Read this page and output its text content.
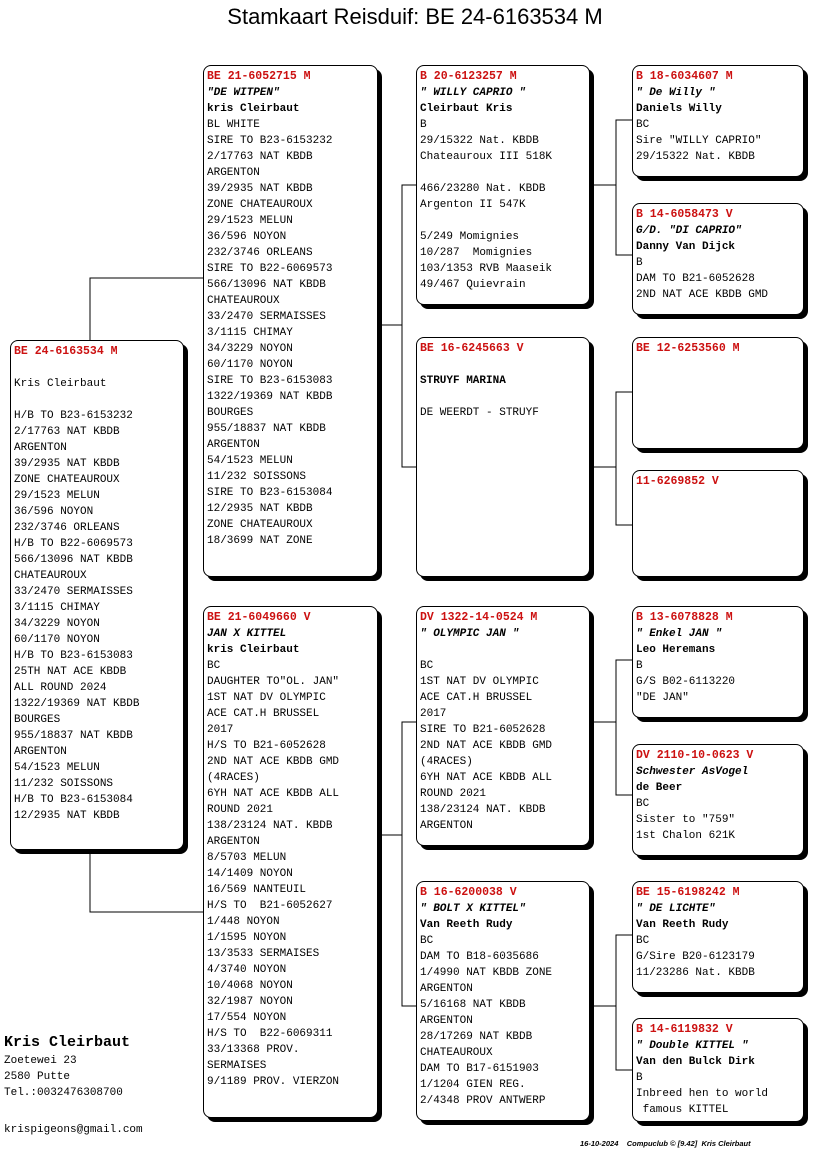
Stamkaart Reisduif: BE 24-6163534 M
BE 24-6163534 M

Kris Cleirbaut

H/B TO B23-6153232
2/17763 NAT KBDB
ARGENTON
39/2935 NAT KBDB
ZONE CHATEAUROUX
29/1523 MELUN
36/596 NOYON
232/3746 ORLEANS
H/B TO B22-6069573
566/13096 NAT KBDB
CHATEAUROUX
33/2470 SERMAISSES
3/1115 CHIMAY
34/3229 NOYON
60/1170 NOYON
H/B TO B23-6153083
25TH NAT ACE KBDB
ALL ROUND 2024
1322/19369 NAT KBDB
BOURGES
955/18837 NAT KBDB
ARGENTON
54/1523 MELUN
11/232 SOISSONS
H/B TO B23-6153084
12/2935 NAT KBDB
BE 21-6052715 M
"DE WITPEN"
kris Cleirbaut
BL WHITE
SIRE TO B23-6153232
2/17763 NAT KBDB
ARGENTON
39/2935 NAT KBDB
ZONE CHATEAUROUX
29/1523 MELUN
36/596 NOYON
232/3746 ORLEANS
SIRE TO B22-6069573
566/13096 NAT KBDB
CHATEAUROUX
33/2470 SERMAISSES
3/1115 CHIMAY
34/3229 NOYON
60/1170 NOYON
SIRE TO B23-6153083
1322/19369 NAT KBDB
BOURGES
955/18837 NAT KBDB
ARGENTON
54/1523 MELUN
11/232 SOISSONS
SIRE TO B23-6153084
12/2935 NAT KBDB
ZONE CHATEAUROUX
18/3699 NAT ZONE
BE 21-6049660 V
JAN X KITTEL
kris Cleirbaut
BC
DAUGHTER TO"OL. JAN"
1ST NAT DV OLYMPIC
ACE CAT.H BRUSSEL
2017
H/S TO B21-6052628
2ND NAT ACE KBDB GMD
(4RACES)
6YH NAT ACE KBDB ALL
ROUND 2021
138/23124 NAT. KBDB
ARGENTON
8/5703 MELUN
14/1409 NOYON
16/569 NANTEUIL
H/S TO  B21-6052627
1/448 NOYON
1/1595 NOYON
13/3533 SERMAISES
4/3740 NOYON
10/4068 NOYON
32/1987 NOYON
17/554 NOYON
H/S TO  B22-6069311
33/13368 PROV.
SERMAISES
9/1189 PROV. VIERZON
B 20-6123257 M
" WILLY CAPRIO "
Cleirbaut Kris
B
29/15322 Nat. KBDB
Chateauroux III 518K

466/23280 Nat. KBDB
Argenton II 547K

5/249 Momignies
10/287  Momignies
103/1353 RVB Maaseik
49/467 Quievrain
BE 16-6245663 V
STRUYF MARINA

DE WEERDT - STRUYF
DV 1322-14-0524 M
" OLYMPIC JAN "
BC
1ST NAT DV OLYMPIC
ACE CAT.H BRUSSEL
2017
SIRE TO B21-6052628
2ND NAT ACE KBDB GMD
(4RACES)
6YH NAT ACE KBDB ALL
ROUND 2021
138/23124 NAT. KBDB
ARGENTON
B 16-6200038 V
" BOLT X KITTEL"
Van Reeth Rudy
BC
DAM TO B18-6035686
1/4990 NAT KBDB ZONE
ARGENTON
5/16168 NAT KBDB
ARGENTON
28/17269 NAT KBDB
CHATEAUROUX
DAM TO B17-6151903
1/1204 GIEN REG.
2/4348 PROV ANTWERP
B 18-6034607 M
" De Willy "
Daniels Willy
BC
Sire "WILLY CAPRIO"
29/15322 Nat. KBDB
B 14-6058473 V
G/D. "DI CAPRIO"
Danny Van Dijck
B
DAM TO B21-6052628
2ND NAT ACE KBDB GMD
BE 12-6253560 M
11-6269852 V
B 13-6078828 M
" Enkel JAN "
Leo Heremans
B
G/S B02-6113220
"DE JAN"
DV 2110-10-0623 V
Schwester AsVogel
de Beer
BC
Sister to "759"
1st Chalon 621K
BE 15-6198242 M
" DE LICHTE"
Van Reeth Rudy
BC
G/Sire B20-6123179
11/23286 Nat. KBDB
B 14-6119832 V
" Double KITTEL "
Van den Bulck Dirk
B
Inbreed hen to world
famous KITTEL
Kris Cleirbaut
Zoetewei 23
2580 Putte
Tel.:0032476308700
krispigeons@gmail.com
16-10-2024 Compuclub © [9.42] Kris Cleirbaut
